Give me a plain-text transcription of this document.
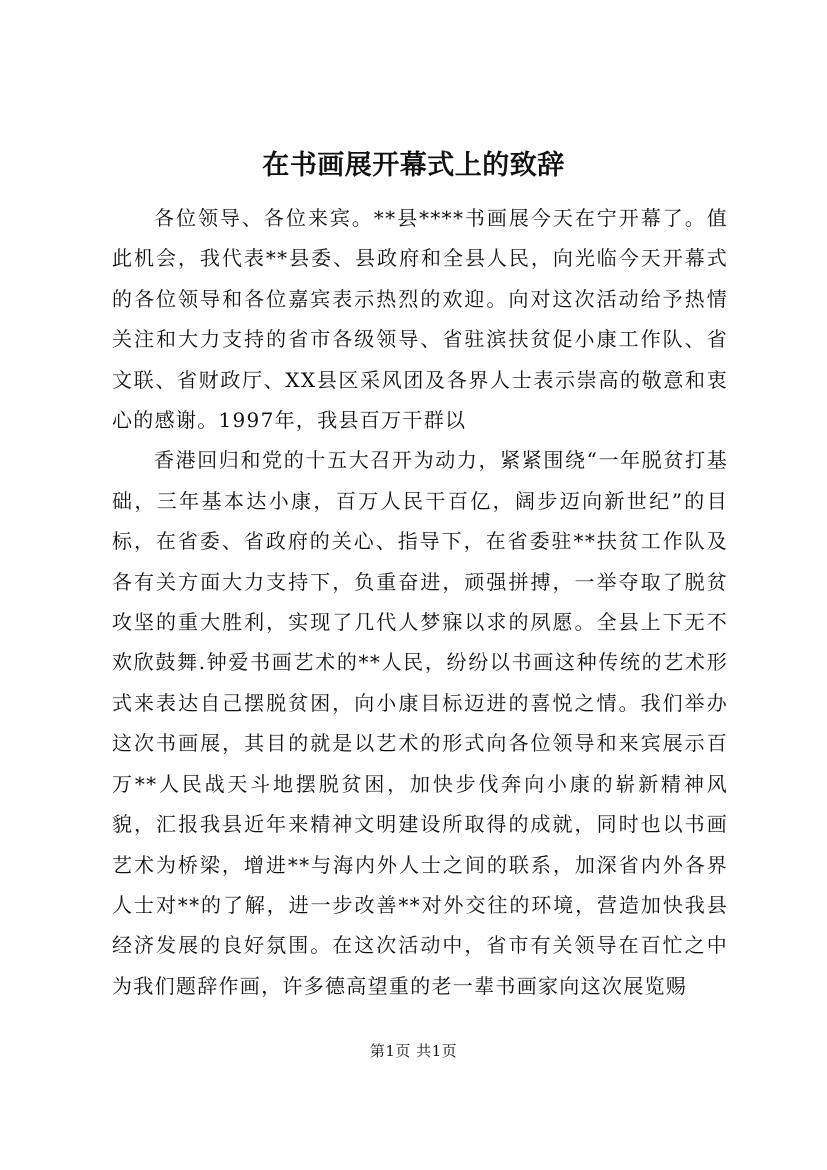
在书画展开幕式上的致辞

各位领导、各位来宾。**县****书画展今天在宁开幕了。值此机会，我代表**县委、县政府和全县人民，向光临今天开幕式的各位领导和各位嘉宾表示热烈的欢迎。向对这次活动给予热情关注和大力支持的省市各级领导、省驻滨扶贫促小康工作队、省文联、省财政厅、XX县区采风团及各界人士表示崇高的敬意和衷心的感谢。1997年，我县百万干群以

香港回归和党的十五大召开为动力，紧紧围绕“一年脱贫打基础，三年基本达小康，百万人民干百亿，阔步迈向新世纪”的目标，在省委、省政府的关心、指导下，在省委驻**扶贫工作队及各有关方面大力支持下，负重奋进，顽强拼搏，一举夺取了脱贫攻坚的重大胜利，实现了几代人梦寐以求的夙愿。全县上下无不欢欣鼓舞.钟爱书画艺术的**人民，纷纷以书画这种传统的艺术形式来表达自己摆脱贫困，向小康目标迈进的喜悦之情。我们举办这次书画展，其目的就是以艺术的形式向各位领导和来宾展示百万**人民战天斗地摆脱贫困，加快步伐奔向小康的崭新精神风貌，汇报我县近年来精神文明建设所取得的成就，同时也以书画艺术为桥梁，增进**与海内外人士之间的联系，加深省内外各界人士对**的了解，进一步改善**对外交往的环境，营造加快我县经济发展的良好氛围。在这次活动中，省市有关领导在百忙之中为我们题辞作画，许多德高望重的老一辈书画家向这次展览赐

第1页 共1页
